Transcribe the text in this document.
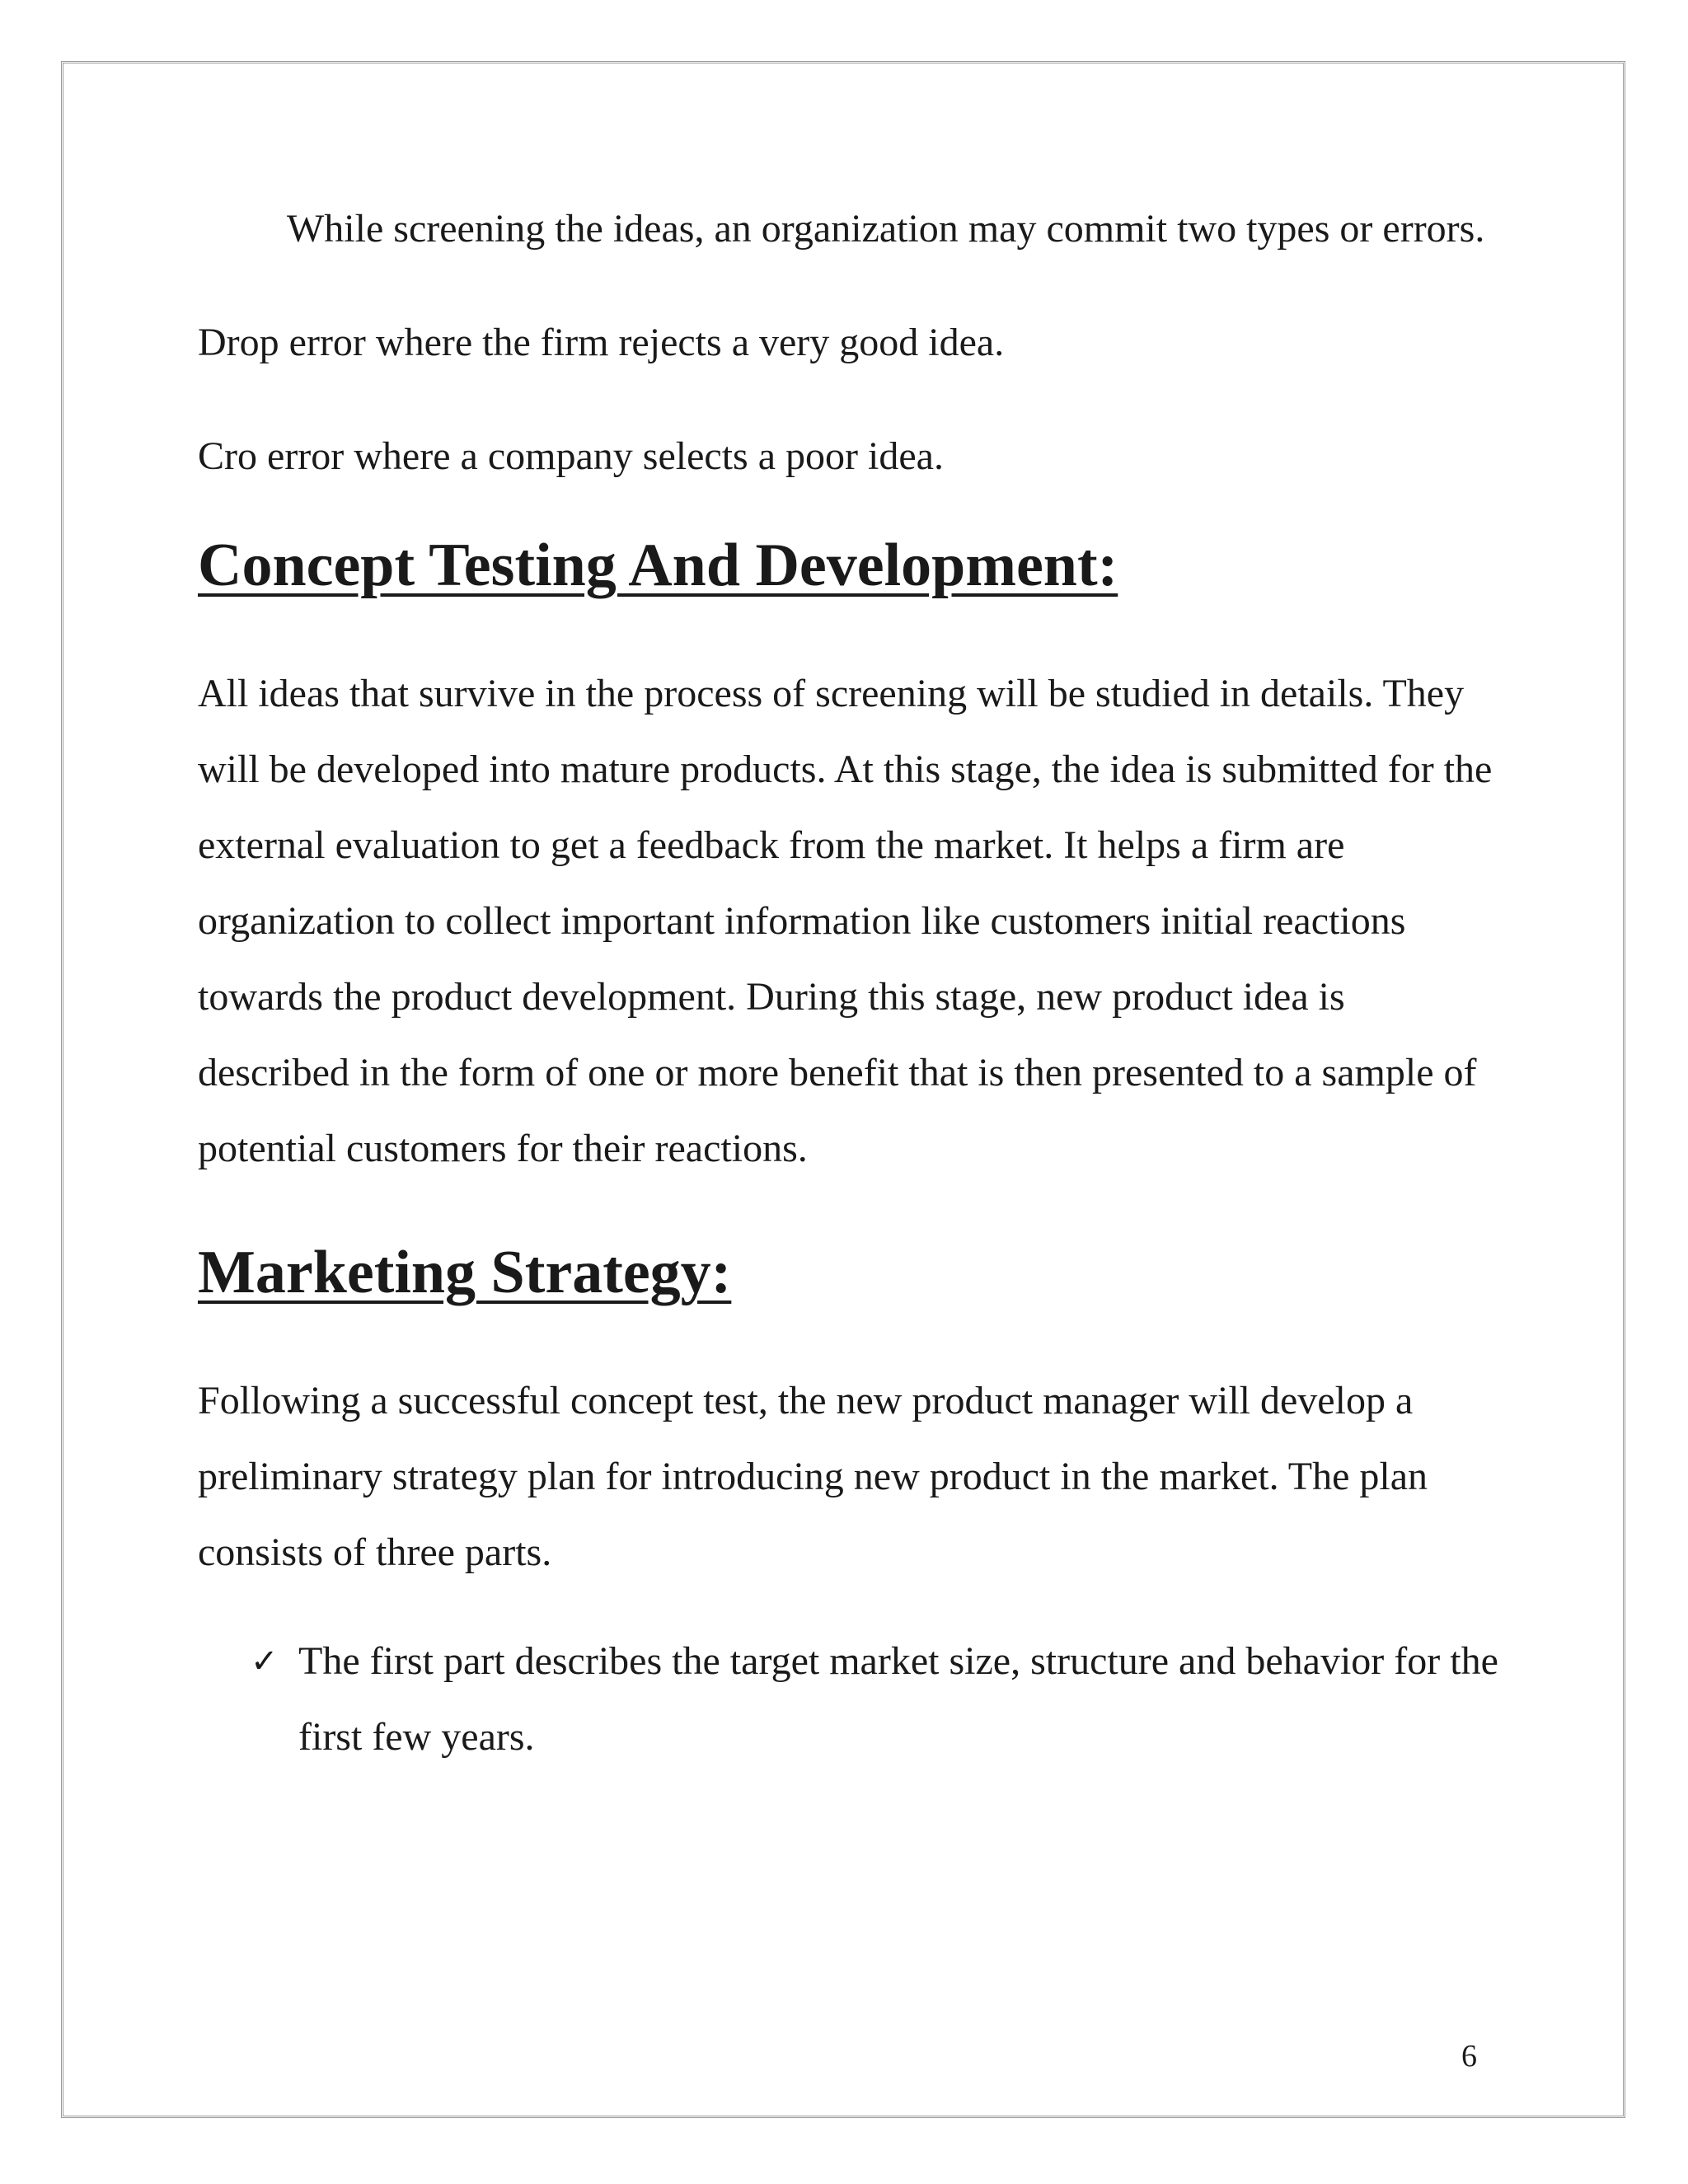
While screening the ideas, an organization may commit two types or errors.

Drop error where the firm rejects a very good idea.

Cro error where a company selects a poor idea.

Concept Testing And Development:

All ideas that survive in the process of screening will be studied in details. They will be developed into mature products. At this stage, the idea is submitted for the external evaluation to get a feedback from the market. It helps a firm are organization to collect important information like customers initial reactions towards the product development. During this stage, new product idea is described in the form of one or more benefit that is then presented to a sample of potential customers for their reactions.

Marketing Strategy:

Following a successful concept test, the new product manager will develop a preliminary strategy plan for introducing new product in the market. The plan consists of three parts.

✓ The first part describes the target market size, structure and behavior for the first few years.
6
